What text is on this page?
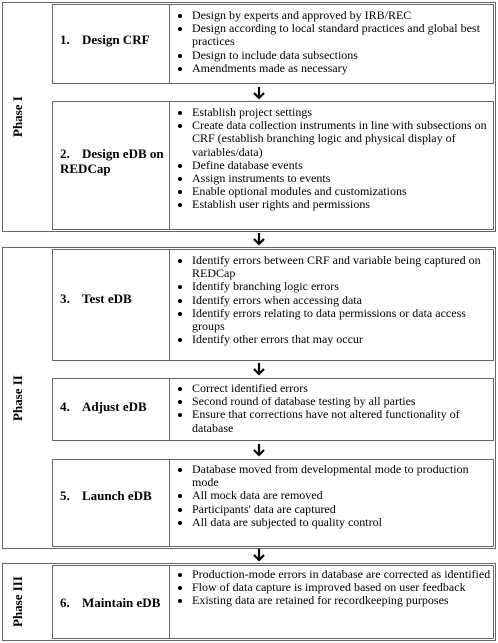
Phase I
1. Design CRF
• Design by experts and approved by IRB/REC
• Design according to local standard practices and global best practices
• Design to include data subsections
• Amendments made as necessary
2. Design eDB on REDCap
• Establish project settings
• Create data collection instruments in line with subsections on CRF (establish branching logic and physical display of variables/data)
• Define database events
• Assign instruments to events
• Enable optional modules and customizations
• Establish user rights and permissions
Phase II
3. Test eDB
• Identify errors between CRF and variable being captured on REDCap
• Identify branching logic errors
• Identify errors when accessing data
• Identify errors relating to data permissions or data access groups
• Identify other errors that may occur
4. Adjust eDB
• Correct identified errors
• Second round of database testing by all parties
• Ensure that corrections have not altered functionality of database
5. Launch eDB
• Database moved from developmental mode to production mode
• All mock data are removed
• Participants' data are captured
• All data are subjected to quality control
Phase III	6. Maintain eDB
• Production-mode errors in database are corrected as identified
• Flow of data capture is improved based on user feedback
• Existing data are retained for recordkeeping purposes
